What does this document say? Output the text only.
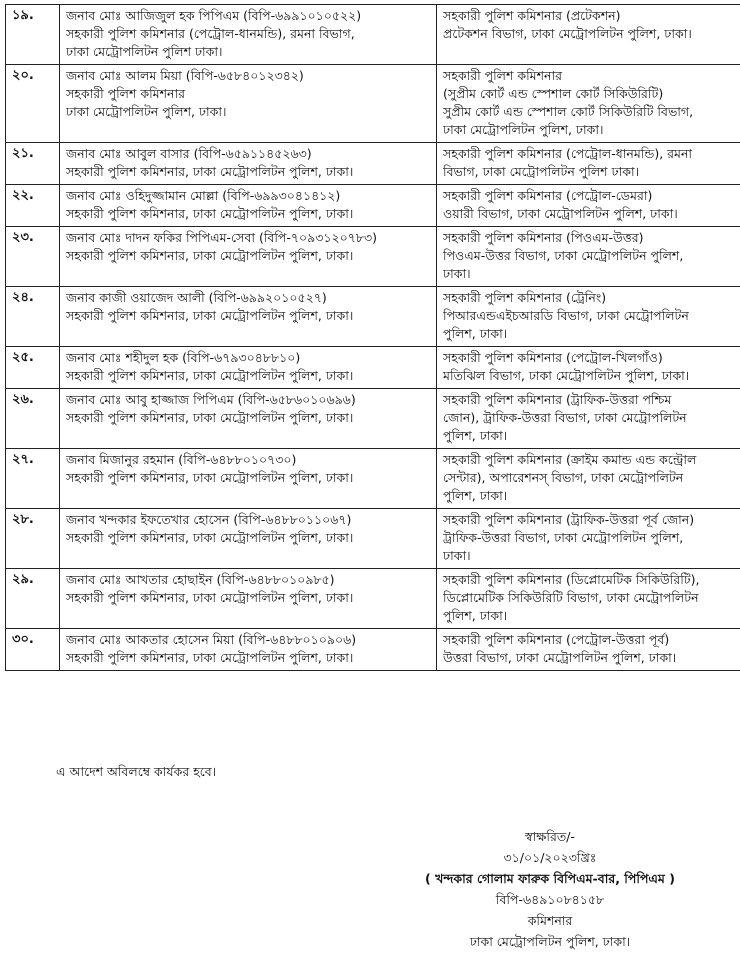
১৯.	জনাব মোঃ আজিজুল হক পিপিএম (বিপি-৬৯৯১০১০৫২২)
সহকারী পুলিশ কমিশনার (পেট্রোল-ধানমন্ডি), রমনা বিভাগ,
ঢাকা মেট্রোপলিটন পুলিশ ঢাকা।	সহকারী পুলিশ কমিশনার (প্রটেকশন)
প্রটেকশন বিভাগ, ঢাকা মেট্রোপলিটন পুলিশ, ঢাকা।

২০.	জনাব মোঃ আলম মিয়া (বিপি-৬৫৮৪০১২৩৪২)
সহকারী পুলিশ কমিশনার
ঢাকা মেট্রোপলিটন পুলিশ, ঢাকা।	সহকারী পুলিশ কমিশনার
(সুপ্রীম কোর্ট এন্ড স্পেশাল কোর্ট সিকিউরিটি)
সুপ্রীম কোর্ট এন্ড স্পেশাল কোর্ট সিকিউরিটি বিভাগ,
ঢাকা মেট্রোপলিটন পুলিশ, ঢাকা।

২১.	জনাব মোঃ আবুল বাসার (বিপি-৬৫৯১১৪৫২৬৩)
সহকারী পুলিশ কমিশনার, ঢাকা মেট্রোপলিটন পুলিশ, ঢাকা।	সহকারী পুলিশ কমিশনার (পেট্রোল-ধানমন্ডি), রমনা
বিভাগ, ঢাকা মেট্রোপলিটন পুলিশ ঢাকা।

২২.	জনাব মোঃ ওহিদুজ্জামান মোল্লা (বিপি-৬৯৯৩০৪১৪১২)
সহকারী পুলিশ কমিশনার, ঢাকা মেট্রোপলিটন পুলিশ, ঢাকা।	সহকারী পুলিশ কমিশনার (পেট্রোল-ডেমরা)
ওয়ারী বিভাগ, ঢাকা মেট্রোপলিটন পুলিশ, ঢাকা।

২৩.	জনাব মোঃ দাদন ফকির পিপিএম-সেবা (বিপি-৭০৯৩১২০৭৮৩)
সহকারী পুলিশ কমিশনার, ঢাকা মেট্রোপলিটন পুলিশ, ঢাকা।	সহকারী পুলিশ কমিশনার (পিওএম-উত্তর)
পিওএম-উত্তর বিভাগ, ঢাকা মেট্রোপলিটন পুলিশ,
ঢাকা।

২৪.	জনাব কাজী ওয়াজেদ আলী (বিপি-৬৯৯২০১০৫২৭)
সহকারী পুলিশ কমিশনার, ঢাকা মেট্রোপলিটন পুলিশ, ঢাকা।	সহকারী পুলিশ কমিশনার (ট্রেনিং)
পিআরএন্ডএইচআরডি বিভাগ, ঢাকা মেট্রোপলিটন
পুলিশ, ঢাকা।

২৫.	জনাব মোঃ শহীদুল হক (বিপি-৬৭৯৩০৪৮৮১০)
সহকারী পুলিশ কমিশনার, ঢাকা মেট্রোপলিটন পুলিশ, ঢাকা।	সহকারী পুলিশ কমিশনার (পেট্রোল-খিলগাঁও)
মতিঝিল বিভাগ, ঢাকা মেট্রোপলিটন পুলিশ, ঢাকা।

২৬.	জনাব মোঃ আবু হাজ্জাজ পিপিএম (বিপি-৬৫৮৬০১০৬৯৬)
সহকারী পুলিশ কমিশনার, ঢাকা মেট্রোপলিটন পুলিশ, ঢাকা।	সহকারী পুলিশ কমিশনার (ট্রাফিক-উত্তরা পশ্চিম
জোন), ট্রাফিক-উত্তরা বিভাগ, ঢাকা মেট্রোপলিটন
পুলিশ, ঢাকা।

২৭.	জনাব মিজানুর রহমান (বিপি-৬৪৮৮০১০৭৩০)
সহকারী পুলিশ কমিশনার, ঢাকা মেট্রোপলিটন পুলিশ, ঢাকা।	সহকারী পুলিশ কমিশনার (ক্রাইম কমান্ড এন্ড কন্ট্রোল
সেন্টার), অপারেশনস্ বিভাগ, ঢাকা মেট্রোপলিটন
পুলিশ, ঢাকা।

২৮.	জনাব খন্দকার ইফতেখার হোসেন (বিপি-৬৪৮৮০১১০৬৭)
সহকারী পুলিশ কমিশনার, ঢাকা মেট্রোপলিটন পুলিশ, ঢাকা।	সহকারী পুলিশ কমিশনার (ট্রাফিক-উত্তরা পূর্ব জোন)
ট্রাফিক-উত্তরা বিভাগ, ঢাকা মেট্রোপলিটন পুলিশ,
ঢাকা।

২৯.	জনাব মোঃ আখতার হোছাইন (বিপি-৬৪৮৮০১০৯৮৫)
সহকারী পুলিশ কমিশনার, ঢাকা মেট্রোপলিটন পুলিশ, ঢাকা।	সহকারী পুলিশ কমিশনার (ডিপ্লোমেটিক সিকিউরিটি),
ডিপ্লোমেটিক সিকিউরিটি বিভাগ, ঢাকা মেট্রোপলিটন
পুলিশ, ঢাকা।

৩০.	জনাব মোঃ আকতার হোসেন মিয়া (বিপি-৬৪৮৮০১০৯০৬)
সহকারী পুলিশ কমিশনার, ঢাকা মেট্রোপলিটন পুলিশ, ঢাকা।	সহকারী পুলিশ কমিশনার (পেট্রোল-উত্তরা পূর্ব)
উত্তরা বিভাগ, ঢাকা মেট্রোপলিটন পুলিশ, ঢাকা।
এ আদেশ অবিলম্বে কার্যকর হবে।
স্বাক্ষরিত/-
৩১/০১/২০২৩খ্রিঃ
( খন্দকার গোলাম ফারুক বিপিএম-বার, পিপিএম )
বিপি-৬৪৯১০৮৪১৫৮
কমিশনার
ঢাকা মেট্রোপলিটন পুলিশ, ঢাকা।
